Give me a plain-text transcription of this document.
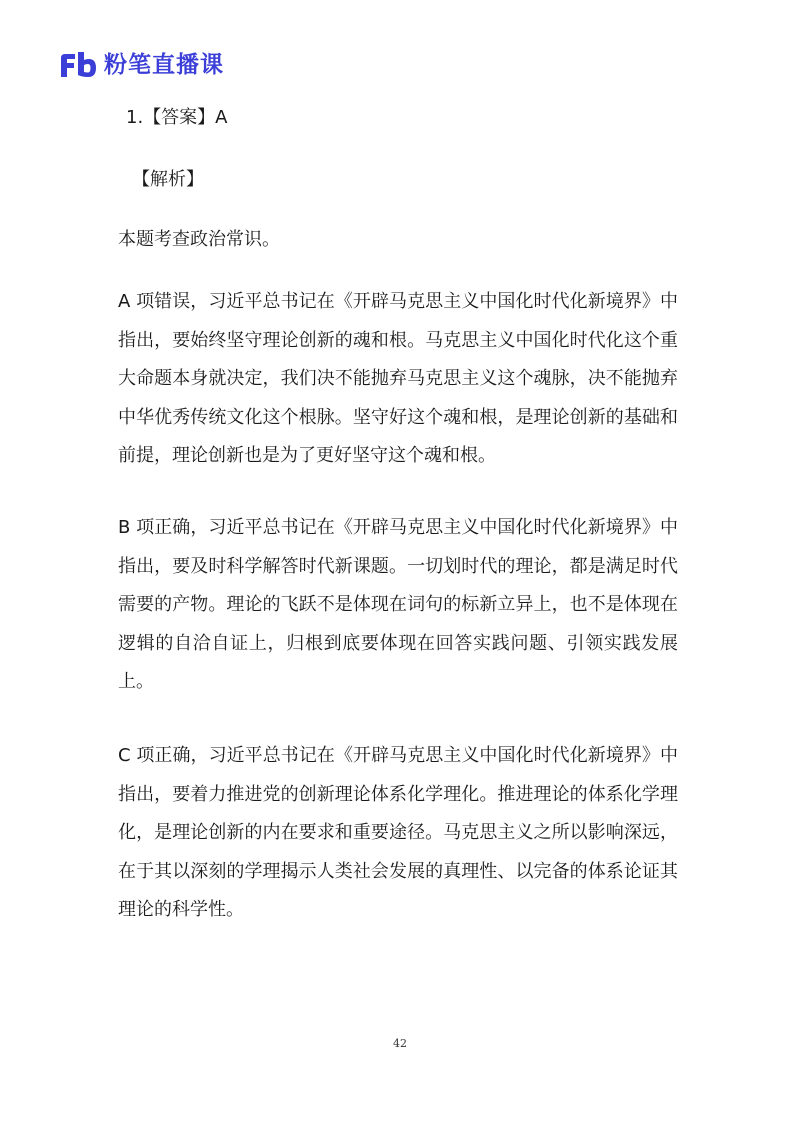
粉笔直播课
1.【答案】A
【解析】
本题考查政治常识。

A 项错误，习近平总书记在《开辟马克思主义中国化时代化新境界》中指出，要始终坚守理论创新的魂和根。马克思主义中国化时代化这个重大命题本身就决定，我们决不能抛弃马克思主义这个魂脉，决不能抛弃中华优秀传统文化这个根脉。坚守好这个魂和根，是理论创新的基础和前提，理论创新也是为了更好坚守这个魂和根。

B 项正确，习近平总书记在《开辟马克思主义中国化时代化新境界》中指出，要及时科学解答时代新课题。一切划时代的理论，都是满足时代需要的产物。理论的飞跃不是体现在词句的标新立异上，也不是体现在逻辑的自洽自证上，归根到底要体现在回答实践问题、引领实践发展上。

C 项正确，习近平总书记在《开辟马克思主义中国化时代化新境界》中指出，要着力推进党的创新理论体系化学理化。推进理论的体系化学理化，是理论创新的内在要求和重要途径。马克思主义之所以影响深远，在于其以深刻的学理揭示人类社会发展的真理性、以完备的体系论证其理论的科学性。

42
